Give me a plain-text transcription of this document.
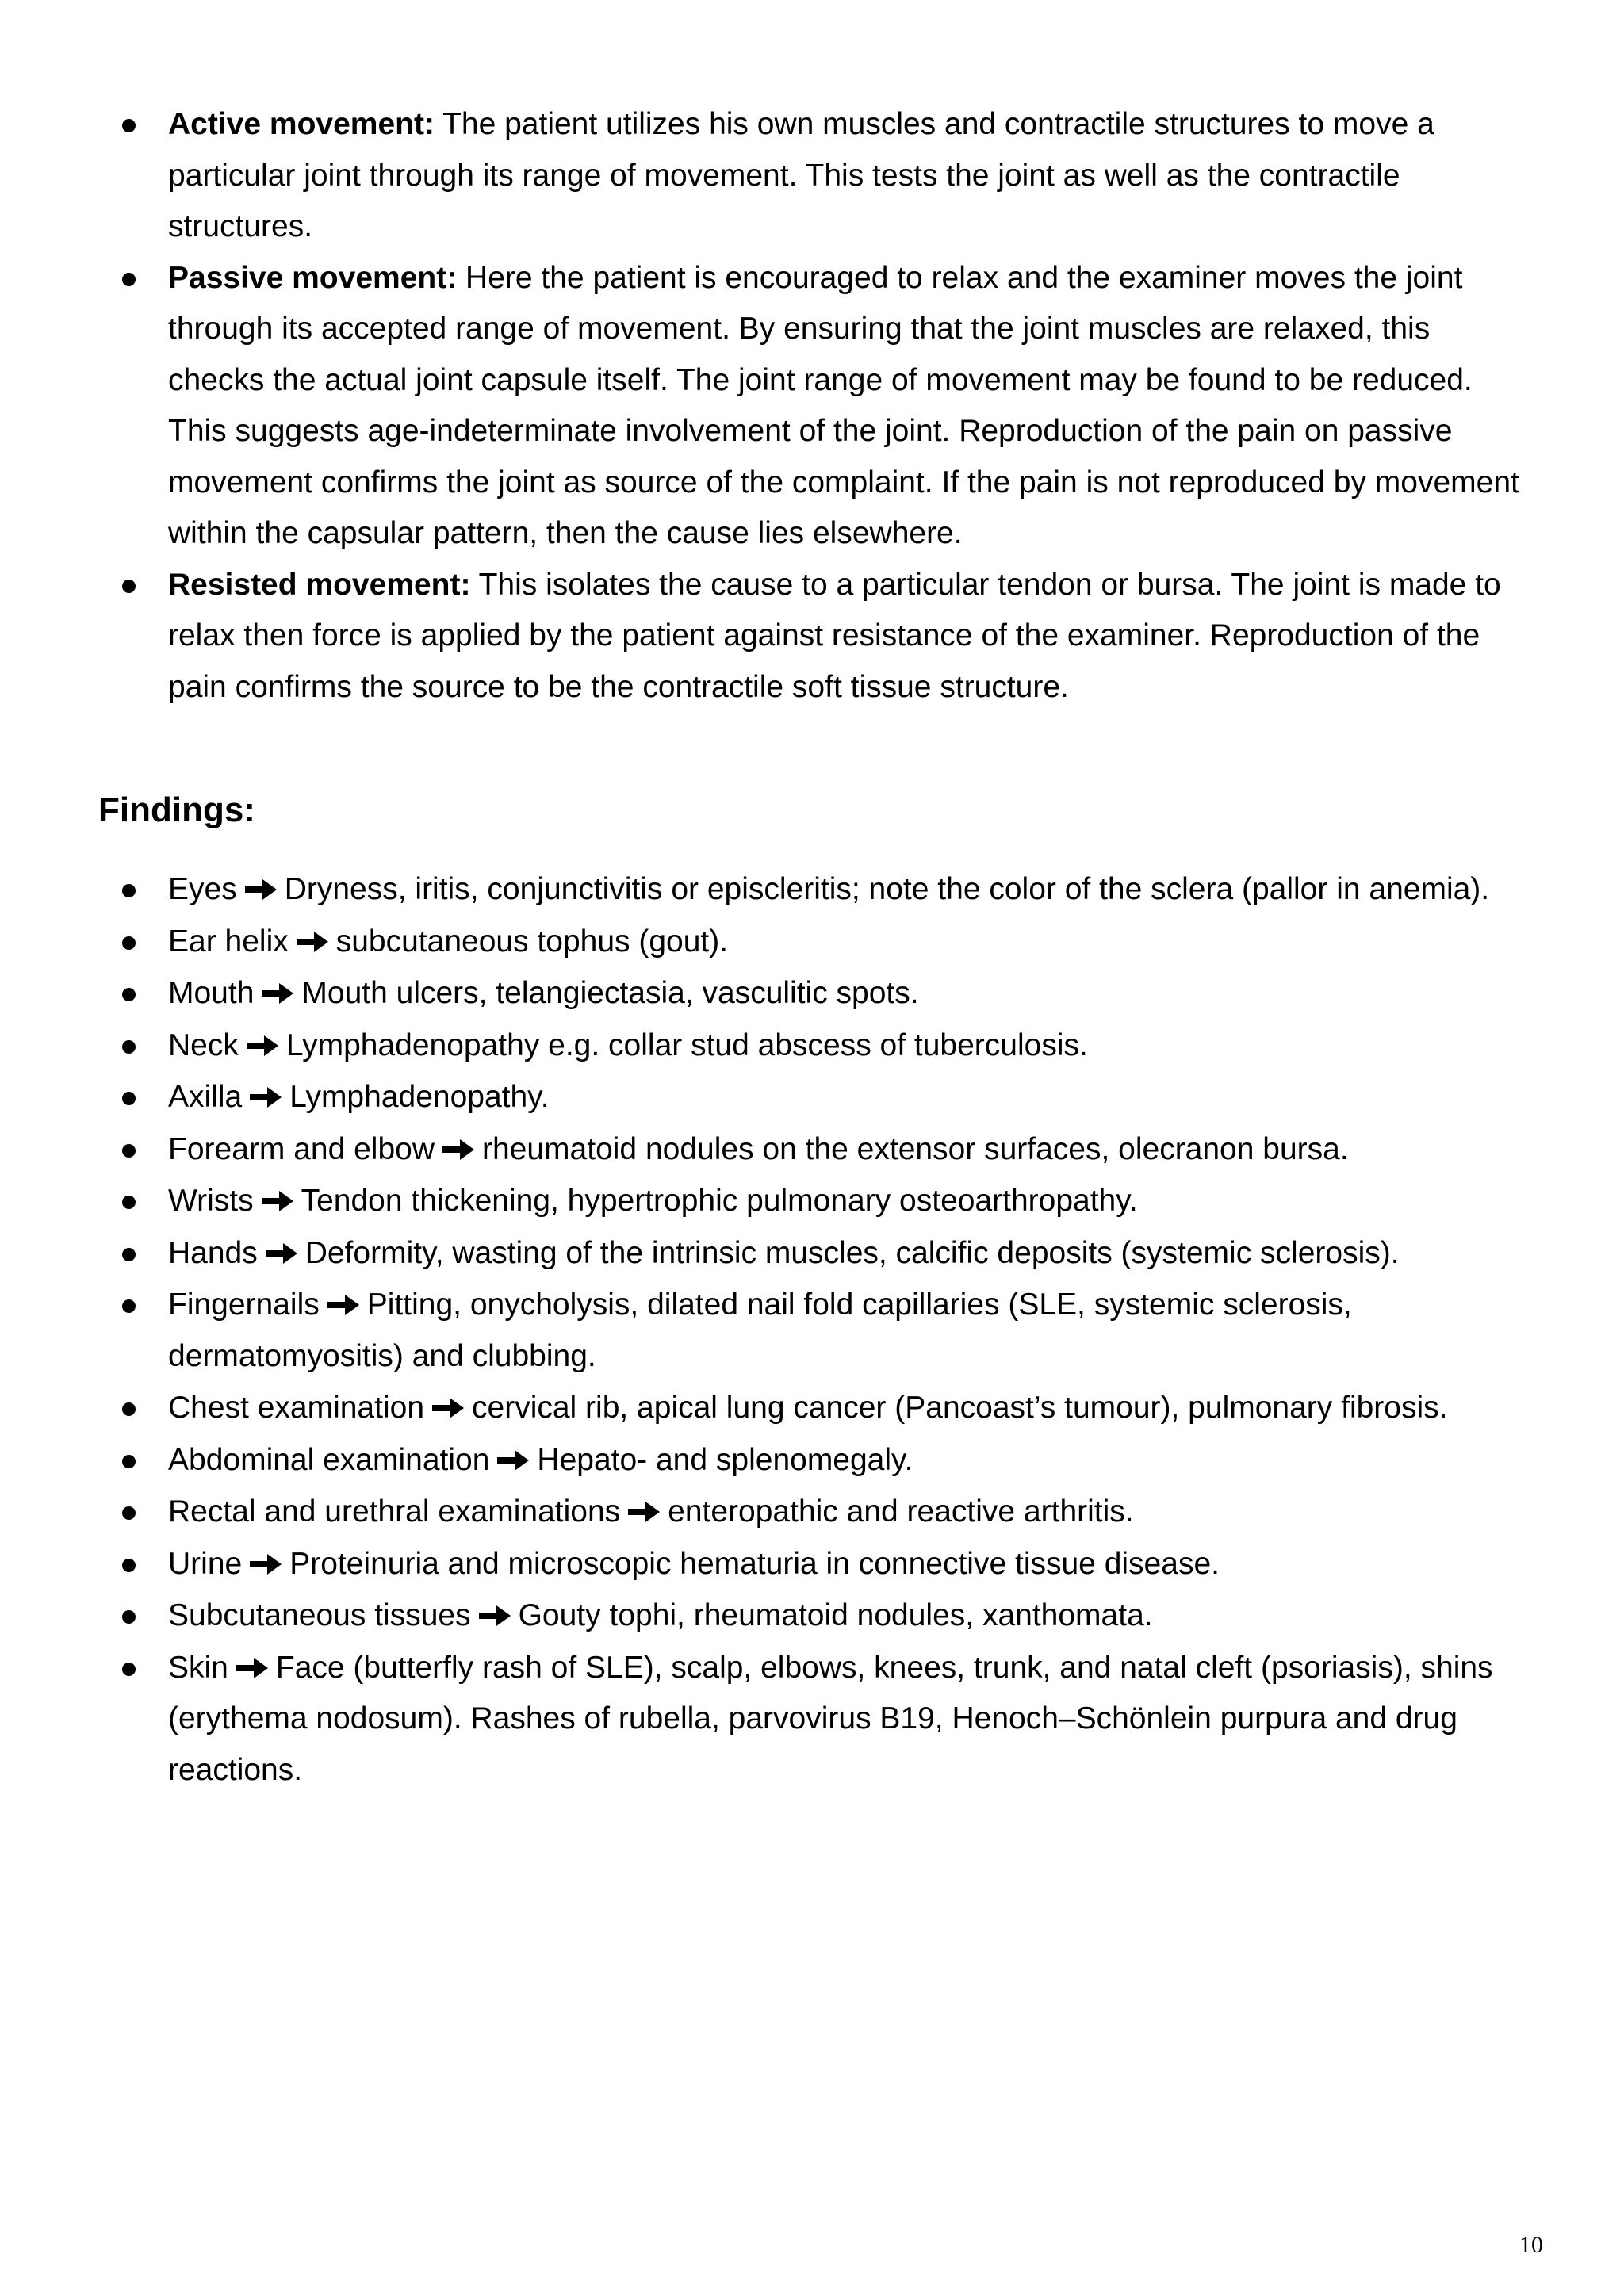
Active movement: The patient utilizes his own muscles and contractile structures to move a particular joint through its range of movement. This tests the joint as well as the contractile structures.
Passive movement: Here the patient is encouraged to relax and the examiner moves the joint through its accepted range of movement. By ensuring that the joint muscles are relaxed, this checks the actual joint capsule itself. The joint range of movement may be found to be reduced. This suggests age-indeterminate involvement of the joint. Reproduction of the pain on passive movement confirms the joint as source of the complaint. If the pain is not reproduced by movement within the capsular pattern, then the cause lies elsewhere.
Resisted movement: This isolates the cause to a particular tendon or bursa. The joint is made to relax then force is applied by the patient against resistance of the examiner. Reproduction of the pain confirms the source to be the contractile soft tissue structure.
Findings:
Eyes Dryness, iritis, conjunctivitis or episcleritis; note the color of the sclera (pallor in anemia).
Ear helix subcutaneous tophus (gout).
Mouth Mouth ulcers, telangiectasia, vasculitic spots.
Neck Lymphadenopathy e.g. collar stud abscess of tuberculosis.
Axilla Lymphadenopathy.
Forearm and elbow rheumatoid nodules on the extensor surfaces, olecranon bursa.
Wrists Tendon thickening, hypertrophic pulmonary osteoarthropathy.
Hands Deformity, wasting of the intrinsic muscles, calcific deposits (systemic sclerosis).
Fingernails Pitting, onycholysis, dilated nail fold capillaries (SLE, systemic sclerosis, dermatomyositis) and clubbing.
Chest examination cervical rib, apical lung cancer (Pancoast’s tumour), pulmonary fibrosis.
Abdominal examination Hepato- and splenomegaly.
Rectal and urethral examinations enteropathic and reactive arthritis.
Urine Proteinuria and microscopic hematuria in connective tissue disease.
Subcutaneous tissues Gouty tophi, rheumatoid nodules, xanthomata.
Skin Face (butterfly rash of SLE), scalp, elbows, knees, trunk, and natal cleft (psoriasis), shins (erythema nodosum). Rashes of rubella, parvovirus B19, Henoch–Schönlein purpura and drug reactions.
10
